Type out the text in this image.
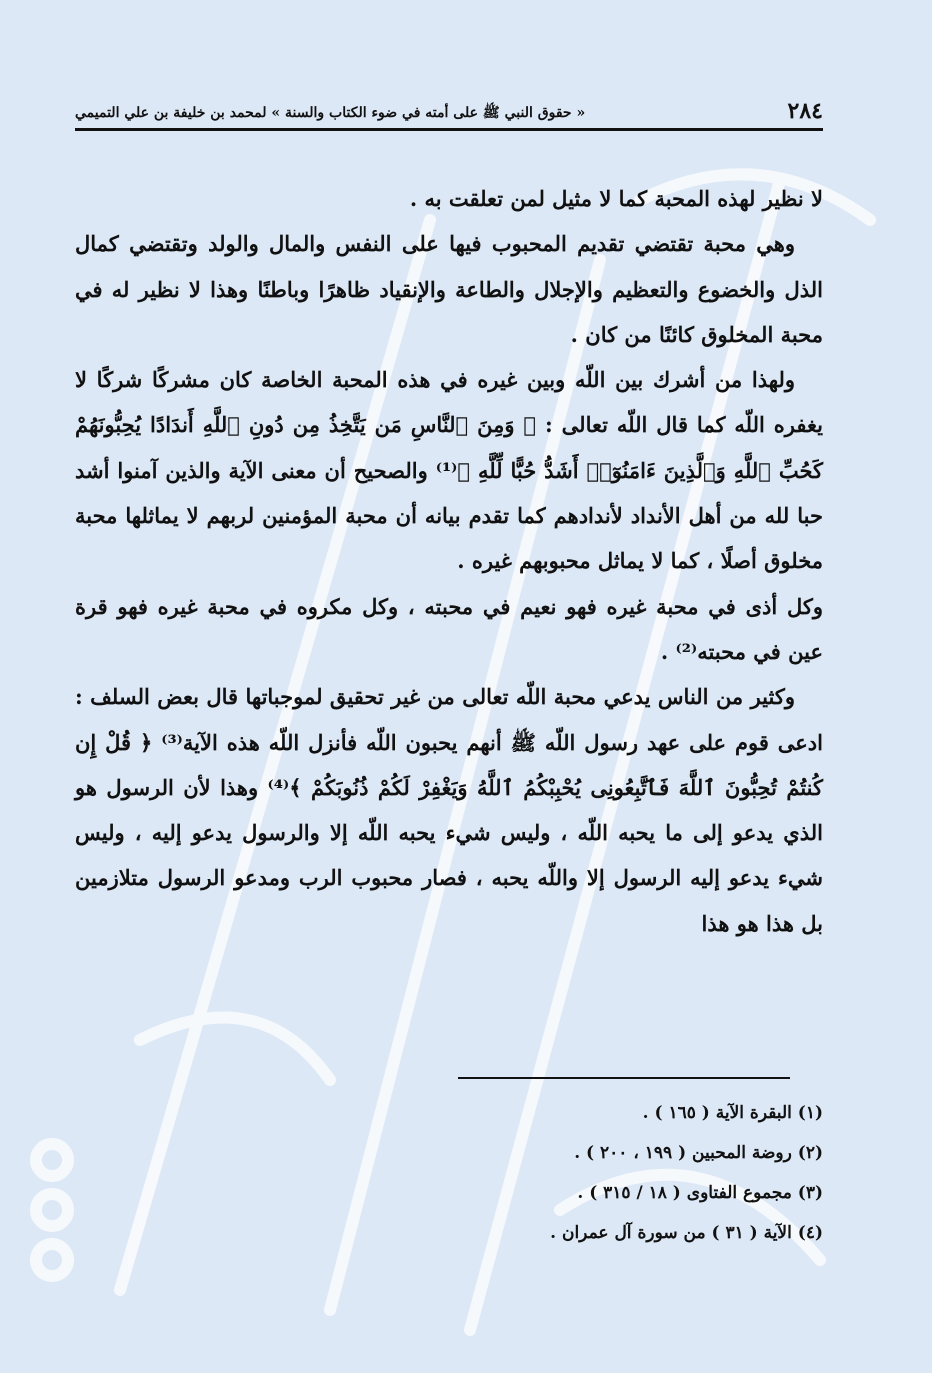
٢٨٤
« حقوق النبي ﷺ على أمته في ضوء الكتاب والسنة » لمحمد بن خليفة بن علي التميمي

لا نظير لهذه المحبة كما لا مثيل لمن تعلقت به .

وهي محبة تقتضي تقديم المحبوب فيها على النفس والمال والولد وتقتضي كمال الذل والخضوع والتعظيم والإجلال والطاعة والإنقياد ظاهرًا وباطنًا وهذا لا نظير له في محبة المخلوق كائنًا من كان .

ولهذا من أشرك بين اللّه وبين غيره في هذه المحبة الخاصة كان مشركًا شركًا لا يغفره اللّه كما قال اللّه تعالى : ﴿ وَمِنَ ٱلنَّاسِ مَن يَتَّخِذُ مِن دُونِ ٱللَّهِ أَندَادًا يُحِبُّونَهُمْ كَحُبِّ ٱللَّهِ وَٱلَّذِينَ ءَامَنُوٓا۟ أَشَدُّ حُبًّا لِّلَّهِ ﴾⁽¹⁾ والصحيح أن معنى الآية والذين آمنوا أشد حبا لله من أهل الأنداد لأندادهم كما تقدم بيانه أن محبة المؤمنين لربهم لا يماثلها محبة مخلوق أصلًا ، كما لا يماثل محبوبهم غيره .

وكل أذى في محبة غيره فهو نعيم في محبته ، وكل مكروه في محبة غيره فهو قرة عين في محبته⁽²⁾ .

وكثير من الناس يدعي محبة اللّه تعالى من غير تحقيق لموجباتها قال بعض السلف : ادعى قوم على عهد رسول اللّه ﷺ أنهم يحبون اللّه فأنزل اللّه هذه الآية⁽³⁾ ﴿ قُلْ إِن كُنتُمْ تُحِبُّونَ ٱللَّهَ فَٱتَّبِعُونِى يُحْبِبْكُمُ ٱللَّهُ وَيَغْفِرْ لَكُمْ ذُنُوبَكُمْ ﴾⁽⁴⁾ وهذا لأن الرسول هو الذي يدعو إلى ما يحبه اللّه ، وليس شيء يحبه اللّه إلا والرسول يدعو إليه ، وليس شيء يدعو إليه الرسول إلا واللّه يحبه ، فصار محبوب الرب ومدعو الرسول متلازمين بل هذا هو هذا

(١) البقرة الآية ( ١٦٥ ) .
(٢) روضة المحبين ( ١٩٩ ، ٢٠٠ ) .
(٣) مجموع الفتاوى ( ١٨ / ٣١٥ ) .
(٤) الآية ( ٣١ ) من سورة آل عمران .
